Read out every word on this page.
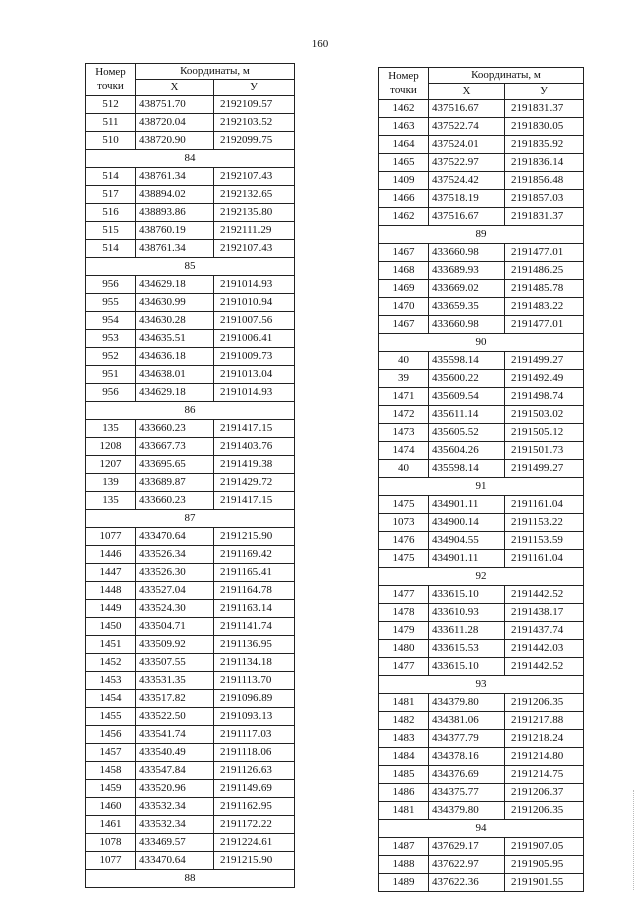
160
Номер точки	Координаты, м	
	X	У
512	438751.70	2192109.57
511	438720.04	2192103.52
510	438720.90	2192099.75
84		
514	438761.34	2192107.43
517	438894.02	2192132.65
516	438893.86	2192135.80
515	438760.19	2192111.29
514	438761.34	2192107.43
85		
956	434629.18	2191014.93
955	434630.99	2191010.94
954	434630.28	2191007.56
953	434635.51	2191006.41
952	434636.18	2191009.73
951	434638.01	2191013.04
956	434629.18	2191014.93
86		
135	433660.23	2191417.15
1208	433667.73	2191403.76
1207	433695.65	2191419.38
139	433689.87	2191429.72
135	433660.23	2191417.15
87		
1077	433470.64	2191215.90
1446	433526.34	2191169.42
1447	433526.30	2191165.41
1448	433527.04	2191164.78
1449	433524.30	2191163.14
1450	433504.71	2191141.74
1451	433509.92	2191136.95
1452	433507.55	2191134.18
1453	433531.35	2191113.70
1454	433517.82	2191096.89
1455	433522.50	2191093.13
1456	433541.74	2191117.03
1457	433540.49	2191118.06
1458	433547.84	2191126.63
1459	433520.96	2191149.69
1460	433532.34	2191162.95
1461	433532.34	2191172.22
1078	433469.57	2191224.61
1077	433470.64	2191215.90
88		
Номер точки	Координаты, м	
	X	У
1462	437516.67	2191831.37
1463	437522.74	2191830.05
1464	437524.01	2191835.92
1465	437522.97	2191836.14
1409	437524.42	2191856.48
1466	437518.19	2191857.03
1462	437516.67	2191831.37
89		
1467	433660.98	2191477.01
1468	433689.93	2191486.25
1469	433669.02	2191485.78
1470	433659.35	2191483.22
1467	433660.98	2191477.01
90		
40	435598.14	2191499.27
39	435600.22	2191492.49
1471	435609.54	2191498.74
1472	435611.14	2191503.02
1473	435605.52	2191505.12
1474	435604.26	2191501.73
40	435598.14	2191499.27
91		
1475	434901.11	2191161.04
1073	434900.14	2191153.22
1476	434904.55	2191153.59
1475	434901.11	2191161.04
92		
1477	433615.10	2191442.52
1478	433610.93	2191438.17
1479	433611.28	2191437.74
1480	433615.53	2191442.03
1477	433615.10	2191442.52
93		
1481	434379.80	2191206.35
1482	434381.06	2191217.88
1483	434377.79	2191218.24
1484	434378.16	2191214.80
1485	434376.69	2191214.75
1486	434375.77	2191206.37
1481	434379.80	2191206.35
94		
1487	437629.17	2191907.05
1488	437622.97	2191905.95
1489	437622.36	2191901.55
